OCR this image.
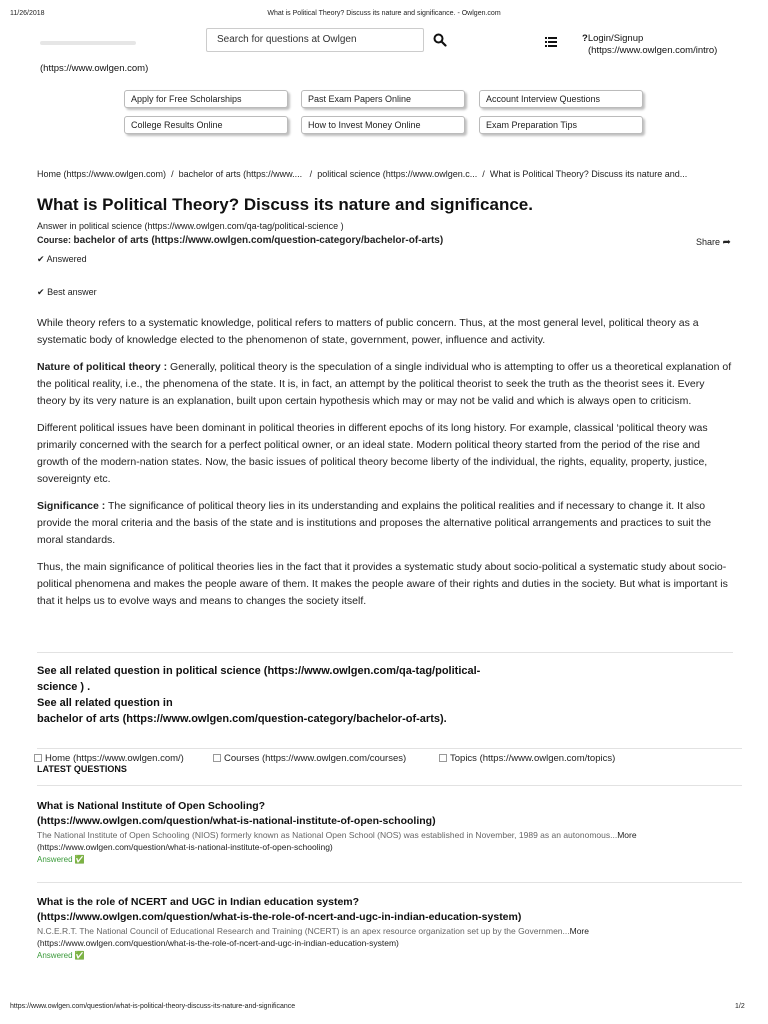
11/26/2018	What is Political Theory? Discuss its nature and significance. - Owlgen.com
Search for questions at Owlgen	?Login/Signup
(https://www.owlgen.com/intro)
(https://www.owlgen.com)
Apply for Free Scholarships	Past Exam Papers Online	Account Interview Questions
College Results Online	How to Invest Money Online	Exam Preparation Tips
Home (https://www.owlgen.com)  /  bachelor of arts (https://www....   /  political science (https://www.owlgen.c...  /  What is Political Theory? Discuss its nature and...
What is Political Theory? Discuss its nature and significance.
Answer in political science (https://www.owlgen.com/qa-tag/political-science )
Course: bachelor of arts (https://www.owlgen.com/question-category/bachelor-of-arts)	Share ➦
✔ Answered
✔ Best answer

While theory refers to a systematic knowledge, political refers to matters of public concern. Thus, at the most general level, political theory as a systematic body of knowledge elected to the phenomenon of state, government, power, influence and activity.

Nature of political theory : Generally, political theory is the speculation of a single individual who is attempting to offer us a theoretical explanation of the political reality, i.e., the phenomena of the state. It is, in fact, an attempt by the political theorist to seek the truth as the theorist sees it. Every theory by its very nature is an explanation, built upon certain hypothesis which may or may not be valid and which is always open to criticism.

Different political issues have been dominant in political theories in different epochs of its long history. For example, classical ‘political theory was primarily concerned with the search for a perfect political owner, or an ideal state. Modern political theory started from the period of the rise and growth of the modern-nation states. Now, the basic issues of political theory become liberty of the individual, the rights, equality, property, justice, sovereignty etc.

Significance : The significance of political theory lies in its understanding and explains the political realities and if necessary to change it. It also provide the moral criteria and the basis of the state and is institutions and proposes the alternative political arrangements and practices to suit the moral standards.

Thus, the main significance of political theories lies in the fact that it provides a systematic study about socio-political a systematic study about socio-political phenomena and makes the people aware of them. It makes the people aware of their rights and duties in the society. But what is important is that it helps us to evolve ways and means to changes the society itself.

See all related question in political science (https://www.owlgen.com/qa-tag/political-
science ) .
See all related question in
bachelor of arts (https://www.owlgen.com/question-category/bachelor-of-arts).
Home (https://www.owlgen.com/)	Courses (https://www.owlgen.com/courses)	Topics (https://www.owlgen.com/topics)
LATEST QUESTIONS
What is National Institute of Open Schooling?
(https://www.owlgen.com/question/what-is-national-institute-of-open-schooling)
The National Institute of Open Schooling (NIOS) formerly known as National Open School (NOS) was established in November, 1989 as an autonomous...More
(https://www.owlgen.com/question/what-is-national-institute-of-open-schooling)
Answered ✅
What is the role of NCERT and UGC in Indian education system?
(https://www.owlgen.com/question/what-is-the-role-of-ncert-and-ugc-in-indian-education-system)
N.C.E.R.T. The National Council of Educational Research and Training (NCERT) is an apex resource organization set up by the Governmen...More
(https://www.owlgen.com/question/what-is-the-role-of-ncert-and-ugc-in-indian-education-system)
Answered ✅
https://www.owlgen.com/question/what-is-political-theory-discuss-its-nature-and-significance	1/2
